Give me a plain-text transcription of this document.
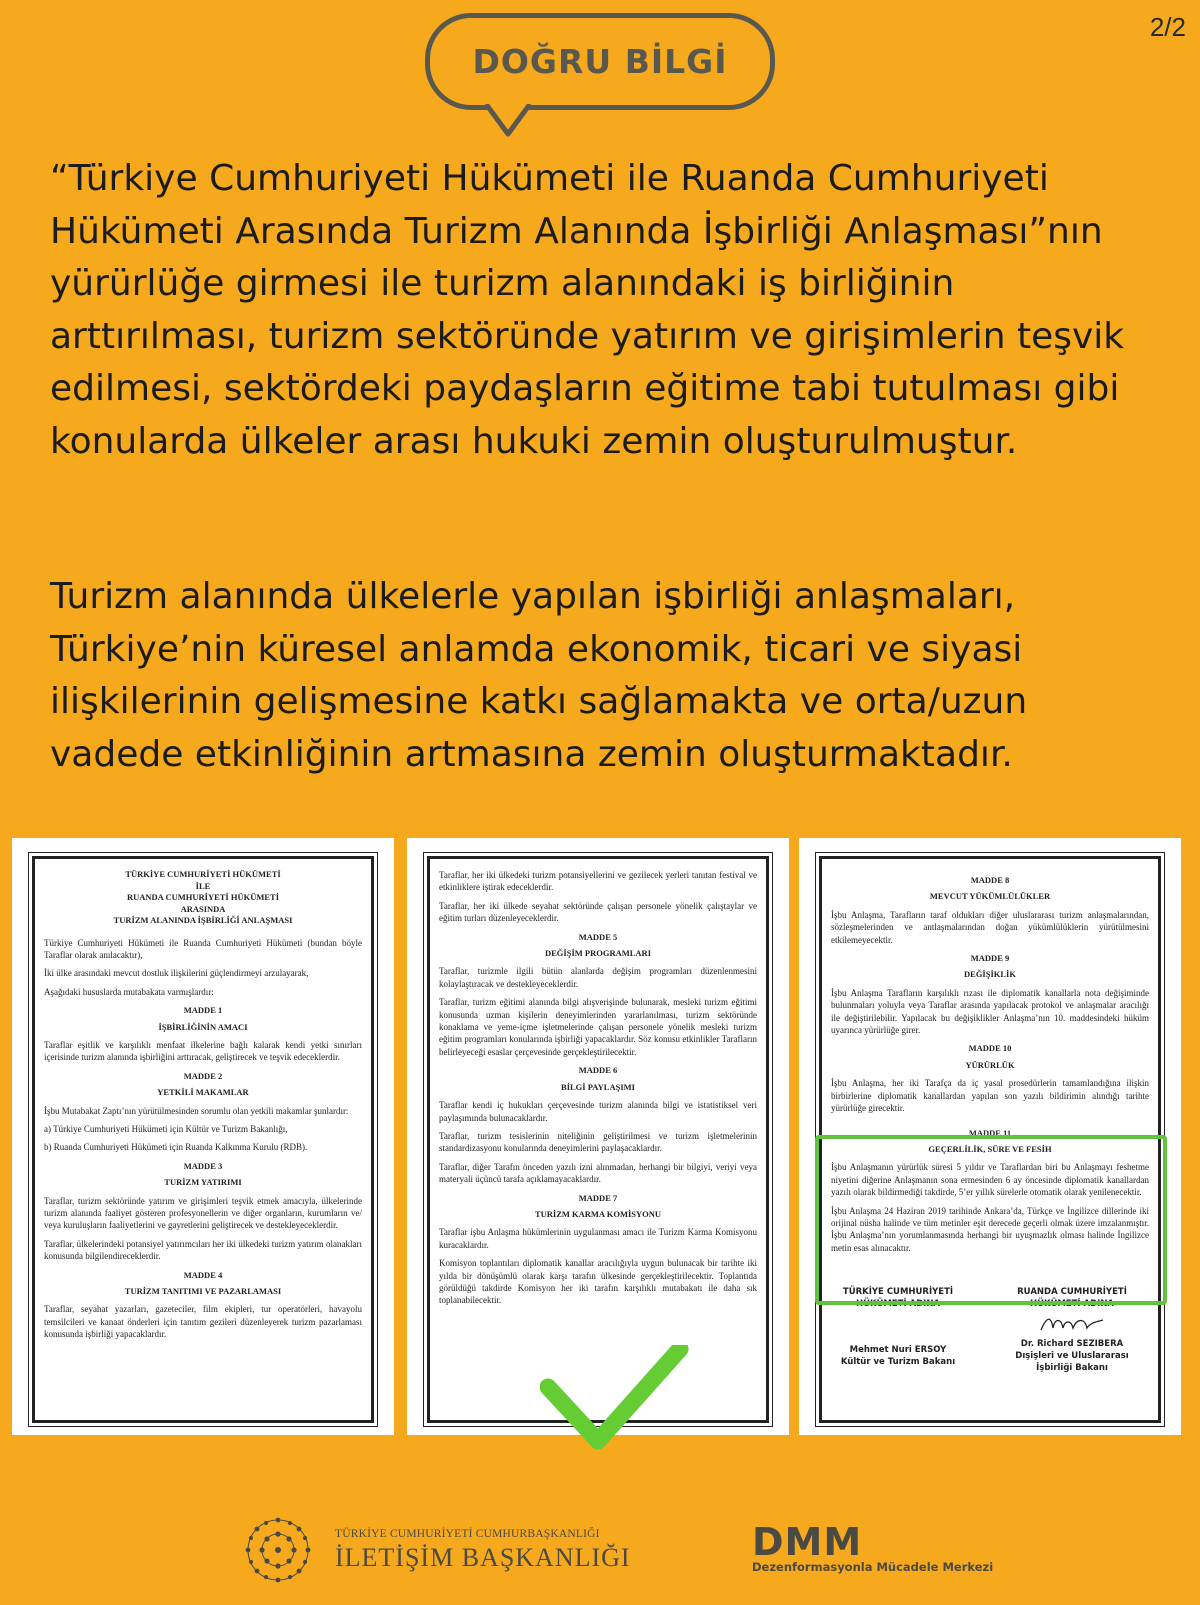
2/2
DOĞRU BİLGİ

“Türkiye Cumhuriyeti Hükümeti ile Ruanda Cumhuriyeti Hükümeti Arasında Turizm Alanında İşbirliği Anlaşması”nın yürürlüğe girmesi ile turizm alanındaki iş birliğinin arttırılması, turizm sektöründe yatırım ve girişimlerin teşvik edilmesi, sektördeki paydaşların eğitime tabi tutulması gibi konularda ülkeler arası hukuki zemin oluşturulmuştur.

Turizm alanında ülkelerle yapılan işbirliği anlaşmaları, Türkiye’nin küresel anlamda ekonomik, ticari ve siyasi ilişkilerinin gelişmesine katkı sağlamakta ve orta/uzun vadede etkinliğinin artmasına zemin oluşturmaktadır.

TÜRKİYE CUMHURİYETİ HÜKÜMETİ
İLE
RUANDA CUMHURİYETİ HÜKÜMETİ
ARASINDA
TURİZM ALANINDA İŞBİRLİĞİ ANLAŞMASI

Türkiye Cumhuriyeti Hükümeti ile Ruanda Cumhuriyeti Hükümeti (bundan böyle Taraflar olarak anılacaktır),

İki ülke arasındaki mevcut dostluk ilişkilerini güçlendirmeyi arzulayarak,

Aşağıdaki hususlarda mutabakata varmışlardır:

MADDE 1
İŞBİRLİĞİNİN AMACI

Taraflar eşitlik ve karşılıklı menfaat ilkelerine bağlı kalarak kendi yetki sınırları içerisinde turizm alanında işbirliğini arttıracak, geliştirecek ve teşvik edeceklerdir.

MADDE 2
YETKİLİ MAKAMLAR

İşbu Mutabakat Zaptı’nın yürütülmesinden sorumlu olan yetkili makamlar şunlardır:

a) Türkiye Cumhuriyeti Hükümeti için Kültür ve Turizm Bakanlığı,

b) Ruanda Cumhuriyeti Hükümeti için Ruanda Kalkınma Kurulu (RDB).

MADDE 3
TURİZM YATIRIMI

Taraflar, turizm sektöründe yatırım ve girişimleri teşvik etmek amacıyla, ülkelerinde turizm alanında faaliyet gösteren profesyonellerin ve diğer organların, kurumların ve/ veya kuruluşların faaliyetlerini ve gayretlerini geliştirecek ve destekleyeceklerdir.

Taraflar, ülkelerindeki potansiyel yatırımcıları her iki ülkedeki turizm yatırım olanakları konusunda bilgilendireceklerdir.

MADDE 4
TURİZM TANITIMI VE PAZARLAMASI

Taraflar, seyahat yazarları, gazeteciler, film ekipleri, tur operatörleri, havayolu temsilcileri ve kanaat önderleri için tanıtım gezileri düzenleyerek turizm pazarlaması konusunda işbirliği yapacaklardır.

Taraflar, her iki ülkedeki turizm potansiyellerini ve gezilecek yerleri tanıtan festival ve etkinliklere iştirak edeceklerdir.

Taraflar, her iki ülkede seyahat sektöründe çalışan personele yönelik çalıştaylar ve eğitim turları düzenleyeceklerdir.

MADDE 5
DEĞİŞİM PROGRAMLARI

Taraflar, turizmle ilgili bütün alanlarda değişim programları düzenlenmesini kolaylaştıracak ve destekleyeceklerdir.

Taraflar, turizm eğitimi alanında bilgi alışverişinde bulunarak, mesleki turizm eğitimi konusunda uzman kişilerin deneyimlerinden yararlanılması, turizm sektöründe konaklama ve yeme-içme işletmelerinde çalışan personele yönelik mesleki turizm eğitim programları konularında işbirliği yapacaklardır. Söz konusu etkinlikler Tarafların belirleyeceği esaslar çerçevesinde gerçekleştirilecektir.

MADDE 6
BİLGİ PAYLAŞIMI

Taraflar kendi iç hukukları çerçevesinde turizm alanında bilgi ve istatistiksel veri paylaşımında bulunacaklardır.

Taraflar, turizm tesislerinin niteliğinin geliştirilmesi ve turizm işletmelerinin standardizasyonu konularında deneyimlerini paylaşacaklardır.

Taraflar, diğer Tarafın önceden yazılı izni alınmadan, herhangi bir bilgiyi, veriyi veya materyali üçüncü tarafa açıklamayacaklardır.

MADDE 7
TURİZM KARMA KOMİSYONU

Taraflar işbu Anlaşma hükümlerinin uygulanması amacı ile Turizm Karma Komisyonu kuracaklardır.

Komisyon toplantıları diplomatik kanallar aracılığıyla uygun bulunacak bir tarihte iki yılda bir dönüşümlü olarak karşı tarafın ülkesinde gerçekleştirilecektir. Toplantıda görüldüğü takdirde Komisyon her iki tarafın karşılıklı mutabakatı ile daha sık toplanabilecektir.

MADDE 8
MEVCUT YÜKÜMLÜLÜKLER

İşbu Anlaşma, Tarafların taraf oldukları diğer uluslararası turizm anlaşmalarından, sözleşmelerinden ve antlaşmalarından doğan yükümlülüklerin yürütülmesini etkilemeyecektir.

MADDE 9
DEĞİŞİKLİK

İşbu Anlaşma Tarafların karşılıklı rızası ile diplomatik kanallarla nota değişiminde bulunmaları yoluyla veya Taraflar arasında yapılacak protokol ve anlaşmalar aracılığı ile değiştirilebilir. Yapılacak bu değişiklikler Anlaşma’nın 10. maddesindeki hüküm uyarınca yürürlüğe girer.

MADDE 10
YÜRÜRLÜK

İşbu Anlaşma, her iki Tarafça da iç yasal prosedürlerin tamamlandığına ilişkin birbirlerine diplomatik kanallardan yapılan son yazılı bildirimin alındığı tarihte yürürlüğe girecektir.

MADDE 11
GEÇERLİLİK, SÜRE VE FESİH

İşbu Anlaşmanın yürürlük süresi 5 yıldır ve Taraflardan biri bu Anlaşmayı feshetme niyetini diğerine Anlaşmanın sona ermesinden 6 ay öncesinde diplomatik kanallardan yazılı olarak bildirmediği takdirde, 5’er yıllık sürelerle otomatik olarak yenilenecektir.

İşbu Anlaşma 24 Haziran 2019 tarihinde Ankara’da, Türkçe ve İngilizce dillerinde iki orijinal nüsha halinde ve tüm metinler eşit derecede geçerli olmak üzere imzalanmıştır. İşbu Anlaşma’nın yorumlanmasında herhangi bir uyuşmazlık olması halinde İngilizce metin esas alınacaktır.

TÜRKİYE CUMHURİYETİ HÜKÜMETİ ADINA
Mehmet Nuri ERSOY
Kültür ve Turizm Bakanı
RUANDA CUMHURİYETİ HÜKÜMETİ ADINA
Dr. Richard SEZIBERA
Dışişleri ve Uluslararası
İşbirliği Bakanı
TÜRKİYE CUMHURİYETİ CUMHURBAŞKANLIĞI
İLETİŞİM BAŞKANLIĞI	DMM
Dezenformasyonla Mücadele Merkezi
